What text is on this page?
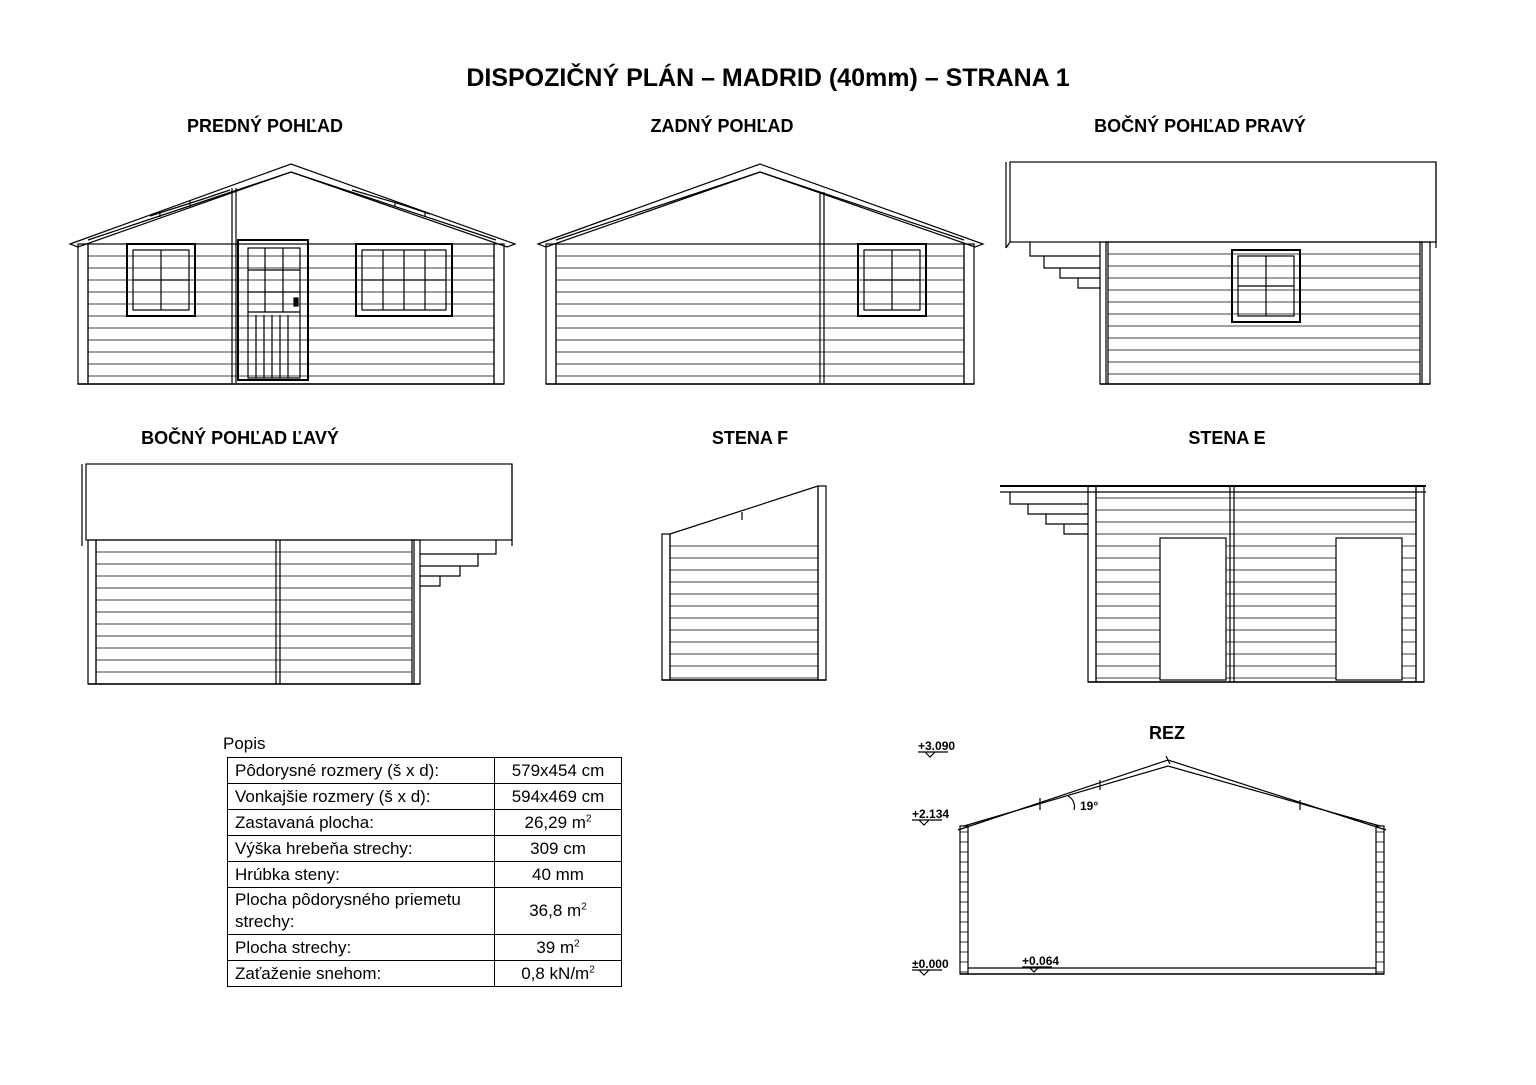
DISPOZIČNÝ PLÁN – MADRID (40mm) – STRANA 1
PREDNÝ POHĽAD	ZADNÝ POHĽAD	BOČNÝ POHĽAD PRAVÝ
BOČNÝ POHĽAD ĽAVÝ	STENA F	STENA E
REZ
+3.090
+2.134
±0.000	+0.064
19°
Popis
Pôdorysné rozmery (š x d):	579x454 cm
Vonkajšie rozmery (š x d):	594x469 cm
Zastavaná plocha:	26,29 $m^2$
Výška hrebeňa strechy:	309 cm
Hrúbka steny:	40 mm
Plocha pôdorysného priemetu strechy:	36,8 $m^2$
Plocha strechy:	39 $m^2$
Zaťaženie snehom:	0,8 $kN/m^2$
